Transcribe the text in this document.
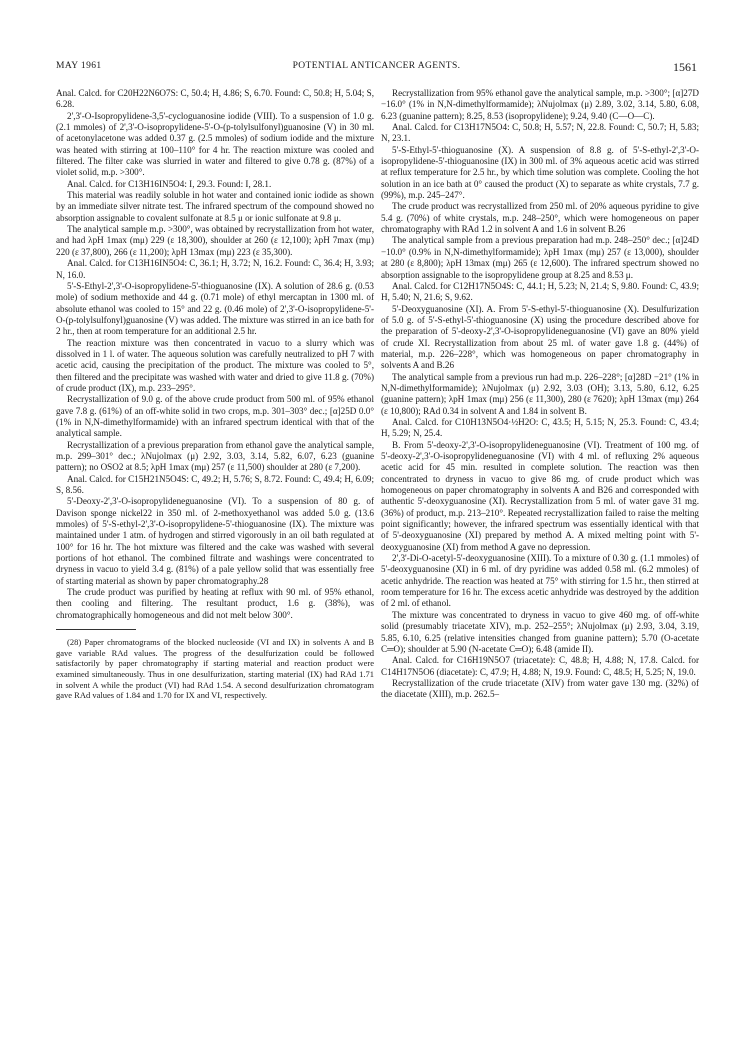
MAY 1961	POTENTIAL ANTICANCER AGENTS.	1561

Anal. Calcd. for C20H22N6O7S: C, 50.4; H, 4.86; S, 6.70. Found: C, 50.8; H, 5.04; S, 6.28.

2',3'-O-Isopropylidene-3,5'-cycloguanosine iodide (VIII). To a suspension of 1.0 g. (2.1 mmoles) of 2',3'-O-isopropylidene-5'-O-(p-tolylsulfonyl)guanosine (V) in 30 ml. of acetonylacetone was added 0.37 g. (2.5 mmoles) of sodium iodide and the mixture was heated with stirring at 100–110° for 4 hr. The reaction mixture was cooled and filtered. The filter cake was slurried in water and filtered to give 0.78 g. (87%) of a violet solid, m.p. >300°.

Anal. Calcd. for C13H16IN5O4: I, 29.3. Found: I, 28.1.

This material was readily soluble in hot water and contained ionic iodide as shown by an immediate silver nitrate test. The infrared spectrum of the compound showed no absorption assignable to covalent sulfonate at 8.5 μ or ionic sulfonate at 9.8 μ.

The analytical sample m.p. >300°, was obtained by recrystallization from hot water, and had λpH 1max (mμ) 229 (ε 18,300), shoulder at 260 (ε 12,100); λpH 7max (mμ) 220 (ε 37,800), 266 (ε 11,200); λpH 13max (mμ) 223 (ε 35,300).

Anal. Calcd. for C13H16IN5O4: C, 36.1; H, 3.72; N, 16.2. Found: C, 36.4; H, 3.93; N, 16.0.

5'-S-Ethyl-2',3'-O-isopropylidene-5'-thioguanosine (IX). A solution of 28.6 g. (0.53 mole) of sodium methoxide and 44 g. (0.71 mole) of ethyl mercaptan in 1300 ml. of absolute ethanol was cooled to 15° and 22 g. (0.46 mole) of 2',3'-O-isopropylidene-5'-O-(p-tolylsulfonyl)guanosine (V) was added. The mixture was stirred in an ice bath for 2 hr., then at room temperature for an additional 2.5 hr.

The reaction mixture was then concentrated in vacuo to a slurry which was dissolved in 1 l. of water. The aqueous solution was carefully neutralized to pH 7 with acetic acid, causing the precipitation of the product. The mixture was cooled to 5°, then filtered and the precipitate was washed with water and dried to give 11.8 g. (70%) of crude product (IX), m.p. 233–295°.

Recrystallization of 9.0 g. of the above crude product from 500 ml. of 95% ethanol gave 7.8 g. (61%) of an off-white solid in two crops, m.p. 301–303° dec.; [α]25D 0.0° (1% in N,N-dimethylformamide) with an infrared spectrum identical with that of the analytical sample.

Recrystallization of a previous preparation from ethanol gave the analytical sample, m.p. 299–301° dec.; λNujolmax (μ) 2.92, 3.03, 3.14, 5.82, 6.07, 6.23 (guanine pattern); no OSO2 at 8.5; λpH 1max (mμ) 257 (ε 11,500) shoulder at 280 (ε 7,200).

Anal. Calcd. for C15H21N5O4S: C, 49.2; H, 5.76; S, 8.72. Found: C, 49.4; H, 6.09; S, 8.56.

5'-Deoxy-2',3'-O-isopropylideneguanosine (VI). To a suspension of 80 g. of Davison sponge nickel22 in 350 ml. of 2-methoxyethanol was added 5.0 g. (13.6 mmoles) of 5'-S-ethyl-2',3'-O-isopropylidene-5'-thioguanosine (IX). The mixture was maintained under 1 atm. of hydrogen and stirred vigorously in an oil bath regulated at 100° for 16 hr. The hot mixture was filtered and the cake was washed with several portions of hot ethanol. The combined filtrate and washings were concentrated to dryness in vacuo to yield 3.4 g. (81%) of a pale yellow solid that was essentially free of starting material as shown by paper chromatography.28

The crude product was purified by heating at reflux with 90 ml. of 95% ethanol, then cooling and filtering. The resultant product, 1.6 g. (38%), was chromatographically homogeneous and did not melt below 300°.

(28) Paper chromatograms of the blocked nucleoside (VI and IX) in solvents A and B gave variable RAd values. The progress of the desulfurization could be followed satisfactorily by paper chromatography if starting material and reaction product were examined simultaneously. Thus in one desulfurization, starting material (IX) had RAd 1.71 in solvent A while the product (VI) had RAd 1.54. A second desulfurization chromatogram gave RAd values of 1.84 and 1.70 for IX and VI, respectively.

Recrystallization from 95% ethanol gave the analytical sample, m.p. >300°; [α]27D −16.0° (1% in N,N-dimethylformamide); λNujolmax (μ) 2.89, 3.02, 3.14, 5.80, 6.08, 6.23 (guanine pattern); 8.25, 8.53 (isopropylidene); 9.24, 9.40 (C—O—C).

Anal. Calcd. for C13H17N5O4: C, 50.8; H, 5.57; N, 22.8. Found: C, 50.7; H, 5.83; N, 23.1.

5'-S-Ethyl-5'-thioguanosine (X). A suspension of 8.8 g. of 5'-S-ethyl-2',3'-O-isopropylidene-5'-thioguanosine (IX) in 300 ml. of 3% aqueous acetic acid was stirred at reflux temperature for 2.5 hr., by which time solution was complete. Cooling the hot solution in an ice bath at 0° caused the product (X) to separate as white crystals, 7.7 g. (99%), m.p. 245–247°.

The crude product was recrystallized from 250 ml. of 20% aqueous pyridine to give 5.4 g. (70%) of white crystals, m.p. 248–250°, which were homogeneous on paper chromatography with RAd 1.2 in solvent A and 1.6 in solvent B.26

The analytical sample from a previous preparation had m.p. 248–250° dec.; [α]24D −10.0° (0.9% in N,N-dimethylformamide); λpH 1max (mμ) 257 (ε 13,000), shoulder at 280 (ε 8,800); λpH 13max (mμ) 265 (ε 12,600). The infrared spectrum showed no absorption assignable to the isopropylidene group at 8.25 and 8.53 μ.

Anal. Calcd. for C12H17N5O4S: C, 44.1; H, 5.23; N, 21.4; S, 9.80. Found: C, 43.9; H, 5.40; N, 21.6; S, 9.62.

5'-Deoxyguanosine (XI). A. From 5'-S-ethyl-5'-thioguanosine (X). Desulfurization of 5.0 g. of 5'-S-ethyl-5'-thioguanosine (X) using the procedure described above for the preparation of 5'-deoxy-2',3'-O-isopropylideneguanosine (VI) gave an 80% yield of crude XI. Recrystallization from about 25 ml. of water gave 1.8 g. (44%) of material, m.p. 226–228°, which was homogeneous on paper chromatography in solvents A and B.26

The analytical sample from a previous run had m.p. 226–228°; [α]28D −21° (1% in N,N-dimethylformamide); λNujolmax (μ) 2.92, 3.03 (OH); 3.13, 5.80, 6.12, 6.25 (guanine pattern); λpH 1max (mμ) 256 (ε 11,300), 280 (ε 7620); λpH 13max (mμ) 264 (ε 10,800); RAd 0.34 in solvent A and 1.84 in solvent B.

Anal. Calcd. for C10H13N5O4·½H2O: C, 43.5; H, 5.15; N, 25.3. Found: C, 43.4; H, 5.29; N, 25.4.

B. From 5'-deoxy-2',3'-O-isopropylideneguanosine (VI). Treatment of 100 mg. of 5'-deoxy-2',3'-O-isopropylideneguanosine (VI) with 4 ml. of refluxing 2% aqueous acetic acid for 45 min. resulted in complete solution. The reaction was then concentrated to dryness in vacuo to give 86 mg. of crude product which was homogeneous on paper chromatography in solvents A and B26 and corresponded with authentic 5'-deoxyguanosine (XI). Recrystallization from 5 ml. of water gave 31 mg. (36%) of product, m.p. 213–210°. Repeated recrystallization failed to raise the melting point significantly; however, the infrared spectrum was essentially identical with that of 5'-deoxyguanosine (XI) prepared by method A. A mixed melting point with 5'-deoxyguanosine (XI) from method A gave no depression.

2',3'-Di-O-acetyl-5'-deoxyguanosine (XIII). To a mixture of 0.30 g. (1.1 mmoles) of 5'-deoxyguanosine (XI) in 6 ml. of dry pyridine was added 0.58 ml. (6.2 mmoles) of acetic anhydride. The reaction was heated at 75° with stirring for 1.5 hr., then stirred at room temperature for 16 hr. The excess acetic anhydride was destroyed by the addition of 2 ml. of ethanol.

The mixture was concentrated to dryness in vacuo to give 460 mg. of off-white solid (presumably triacetate XIV), m.p. 252–255°; λNujolmax (μ) 2.93, 3.04, 3.19, 5.85, 6.10, 6.25 (relative intensities changed from guanine pattern); 5.70 (O-acetate C═O); shoulder at 5.90 (N-acetate C═O); 6.48 (amide II).

Anal. Calcd. for C16H19N5O7 (triacetate): C, 48.8; H, 4.88; N, 17.8. Calcd. for C14H17N5O6 (diacetate): C, 47.9; H, 4.88; N, 19.9. Found: C, 48.5; H, 5.25; N, 19.0.

Recrystallization of the crude triacetate (XIV) from water gave 130 mg. (32%) of the diacetate (XIII), m.p. 262.5–
